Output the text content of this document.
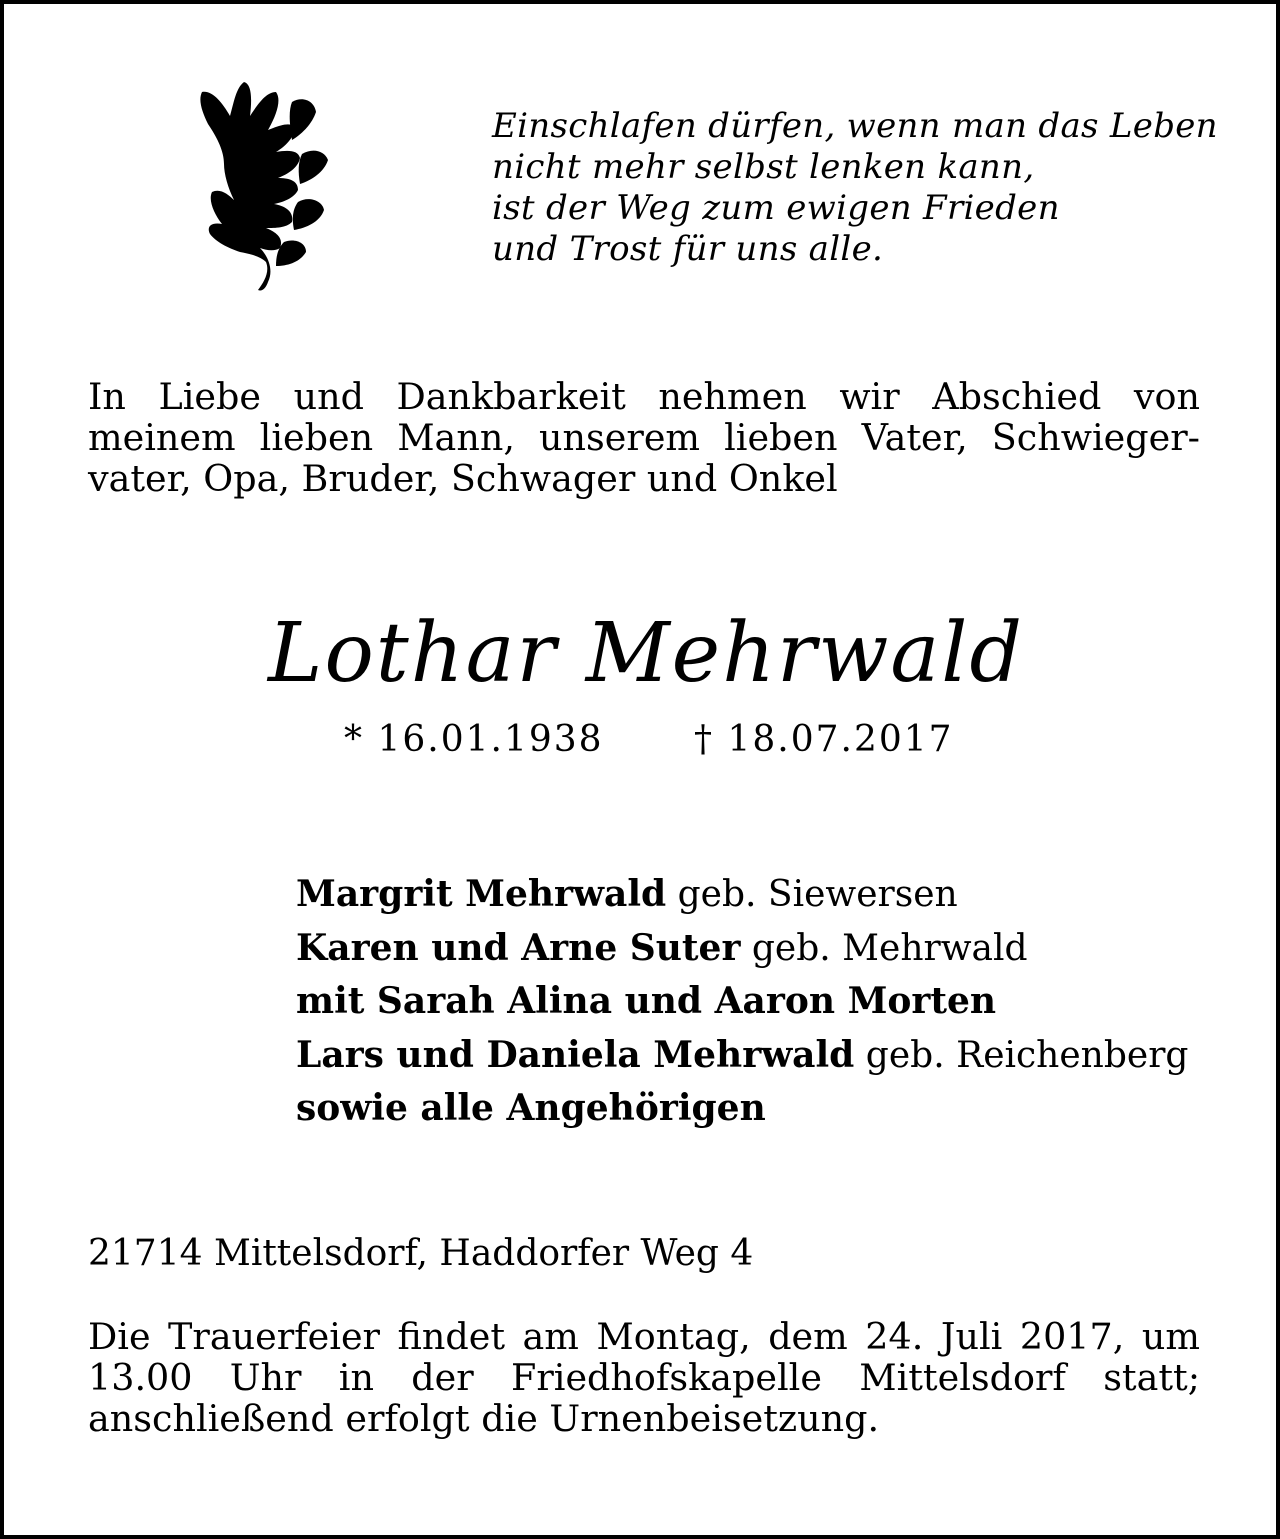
Einschlafen dürfen, wenn man das Leben
nicht mehr selbst lenken kann,
ist der Weg zum ewigen Frieden
und Trost für uns alle.
In Liebe und Dankbarkeit nehmen wir Abschied von
meinem lieben Mann, unserem lieben Vater, Schwieger-
vater, Opa, Bruder, Schwager und Onkel
Lothar Mehrwald
* 16.01.1938	† 18.07.2017
Margrit Mehrwald geb. Siewersen
Karen und Arne Suter geb. Mehrwald
mit Sarah Alina und Aaron Morten
Lars und Daniela Mehrwald geb. Reichenberg
sowie alle Angehörigen
21714 Mittelsdorf, Haddorfer Weg 4
Die Trauerfeier findet am Montag, dem 24. Juli 2017, um
13.00 Uhr in der Friedhofskapelle Mittelsdorf statt;
anschließend erfolgt die Urnenbeisetzung.
